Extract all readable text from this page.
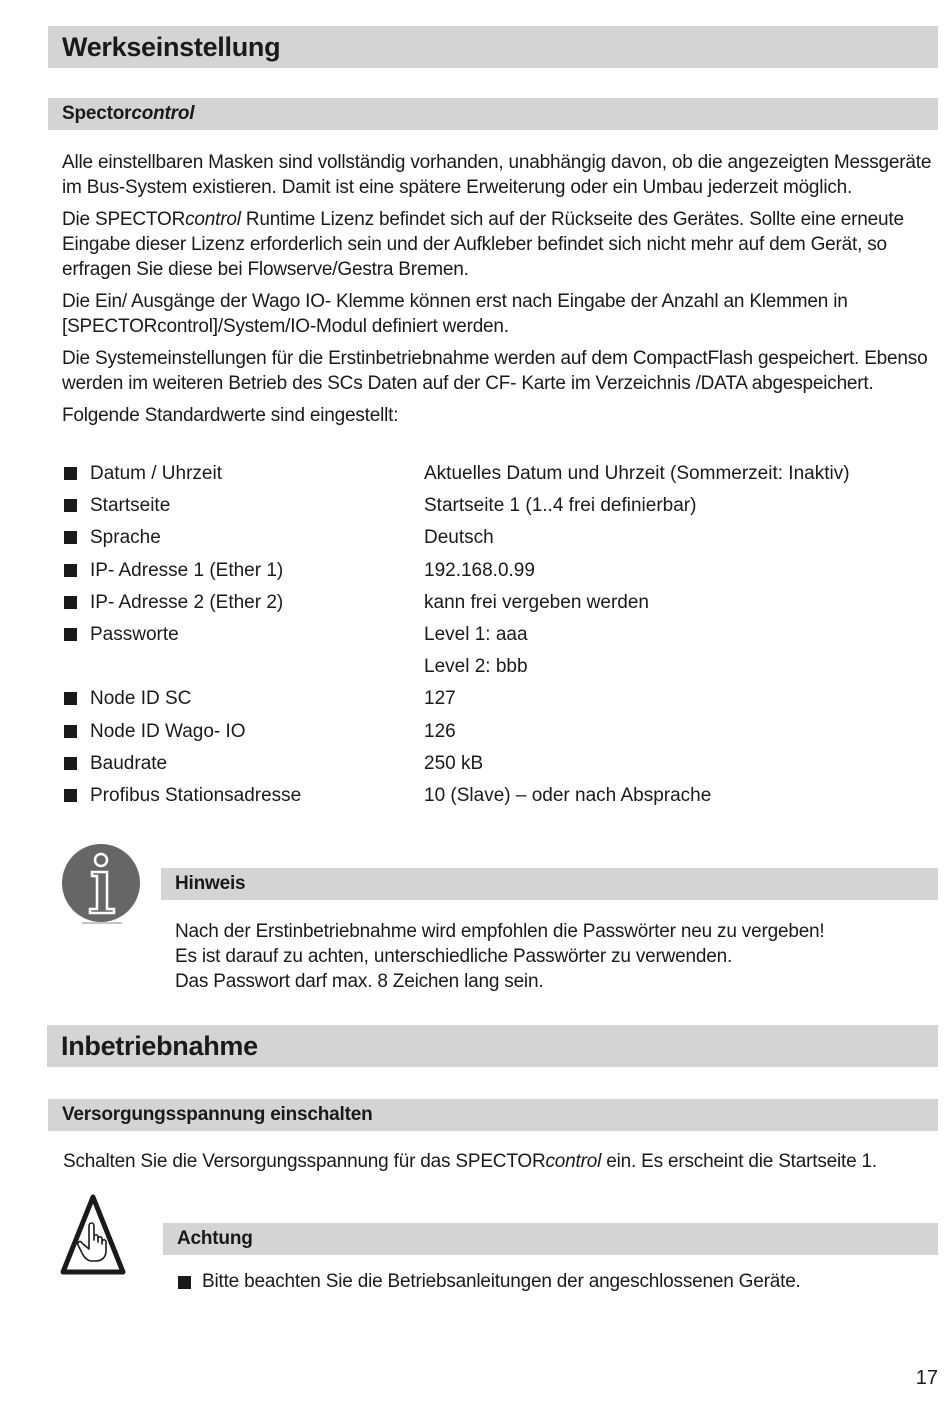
Werkseinstellung
Spectorcontrol

Alle einstellbaren Masken sind vollständig vorhanden, unabhängig davon, ob die angezeigten Messgeräte im Bus-System existieren. Damit ist eine spätere Erweiterung oder ein Umbau jederzeit möglich.

Die SPECTORcontrol Runtime Lizenz befindet sich auf der Rückseite des Gerätes. Sollte eine erneute Eingabe dieser Lizenz erforderlich sein und der Aufkleber befindet sich nicht mehr auf dem Gerät, so erfragen Sie diese bei Flowserve/Gestra Bremen.

Die Ein/ Ausgänge der Wago IO- Klemme können erst nach Eingabe der Anzahl an Klemmen in [SPECTORcontrol]/System/IO-Modul definiert werden.

Die Systemeinstellungen für die Erstinbetriebnahme werden auf dem CompactFlash gespeichert. Ebenso werden im weiteren Betrieb des SCs Daten auf der CF- Karte im Verzeichnis /DATA abgespeichert.

Folgende Standardwerte sind eingestellt:

Datum / Uhrzeit	Aktuelles Datum und Uhrzeit (Sommerzeit: Inaktiv)
Startseite	Startseite 1 (1..4 frei definierbar)
Sprache	Deutsch
IP- Adresse 1 (Ether 1)	192.168.0.99
IP- Adresse 2 (Ether 2)	kann frei vergeben werden
Passworte	Level 1: aaa
Level 2: bbb
Node ID SC	127
Node ID Wago- IO	126
Baudrate	250 kB
Profibus Stationsadresse	10 (Slave) – oder nach Absprache
Hinweis
Nach der Erstinbetriebnahme wird empfohlen die Passwörter neu zu vergeben!
Es ist darauf zu achten, unterschiedliche Passwörter zu verwenden.
Das Passwort darf max. 8 Zeichen lang sein.
Inbetriebnahme
Versorgungsspannung einschalten

Schalten Sie die Versorgungsspannung für das SPECTORcontrol ein. Es erscheint die Startseite 1.

Achtung
Bitte beachten Sie die Betriebsanleitungen der angeschlossenen Geräte.
17
